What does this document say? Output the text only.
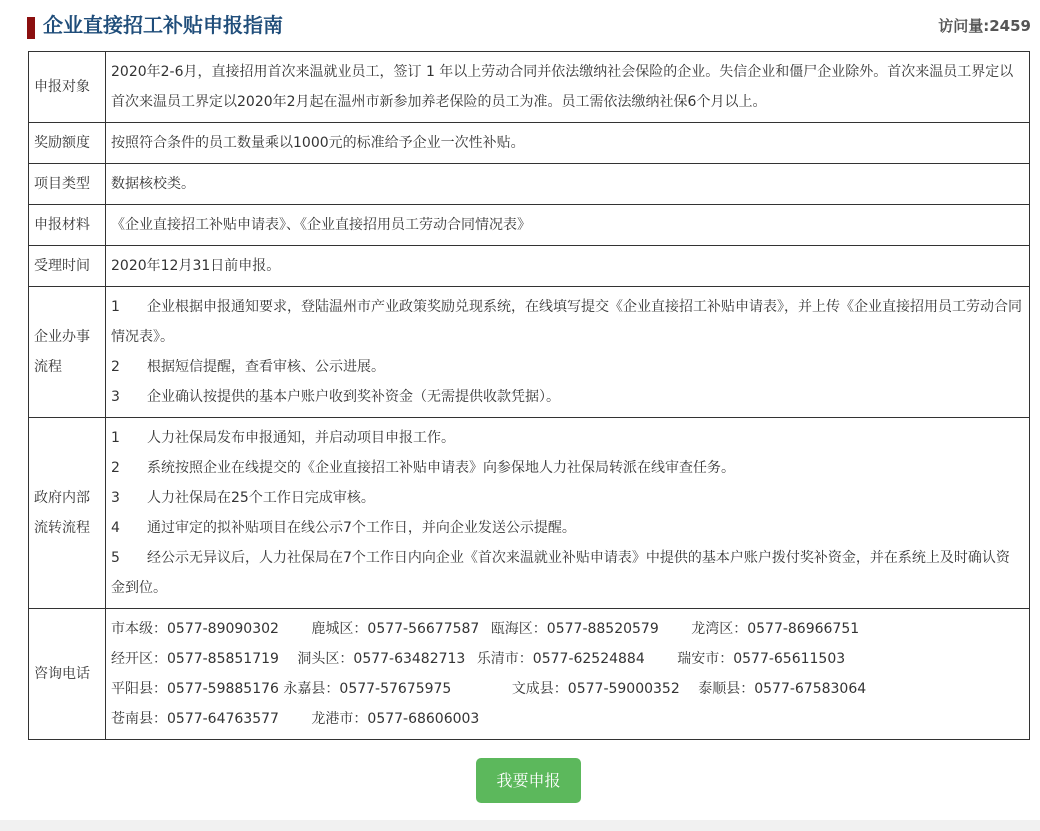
企业直接招工补贴申报指南	访问量:2459
申报对象	2020年2-6月，直接招用首次来温就业员工，签订 1 年以上劳动合同并依法缴纳社会保险的企业。失信企业和僵尸企业除外。首次来温员工界定以首次来温员工界定以2020年2月起在温州市新参加养老保险的员工为准。员工需依法缴纳社保6个月以上。
奖励额度	按照符合条件的员工数量乘以1000元的标准给予企业一次性补贴。
项目类型	数据核校类。
申报材料	《企业直接招工补贴申请表》、《企业直接招用员工劳动合同情况表》
受理时间	2020年12月31日前申报。
企业办事
流程	1 企业根据申报通知要求，登陆温州市产业政策奖励兑现系统，在线填写提交《企业直接招工补贴申请表》，并上传《企业直接招用员工劳动合同情况表》。
2 根据短信提醒，查看审核、公示进展。
3 企业确认按提供的基本户账户收到奖补资金（无需提供收款凭据）。

政府内部
流转流程	1 人力社保局发布申报通知，并启动项目申报工作。
2 系统按照企业在线提交的《企业直接招工补贴申请表》向参保地人力社保局转派在线审查任务。
3 人力社保局在25个工作日完成审核。
4 通过审定的拟补贴项目在线公示7个工作日，并向企业发送公示提醒。
5 经公示无异议后，人力社保局在7个工作日内向企业《首次来温就业补贴申请表》中提供的基本户账户拨付奖补资金，并在系统上及时确认资金到位。

咨询电话	市本级：0577-89090302   鹿城区：0577-56677587  瓯海区：0577-88520579   龙湾区：0577-86966751  经开区：0577-85851719  洞头区：0577-63482713  乐清市：0577-62524884   瑞安市：0577-65611503    平阳县：0577-59885176 永嘉县：0577-57675975     文成县：0577-59000352  泰顺县：0577-67583064  苍南县：0577-64763577   龙港市：0577-68606003
我要申报
